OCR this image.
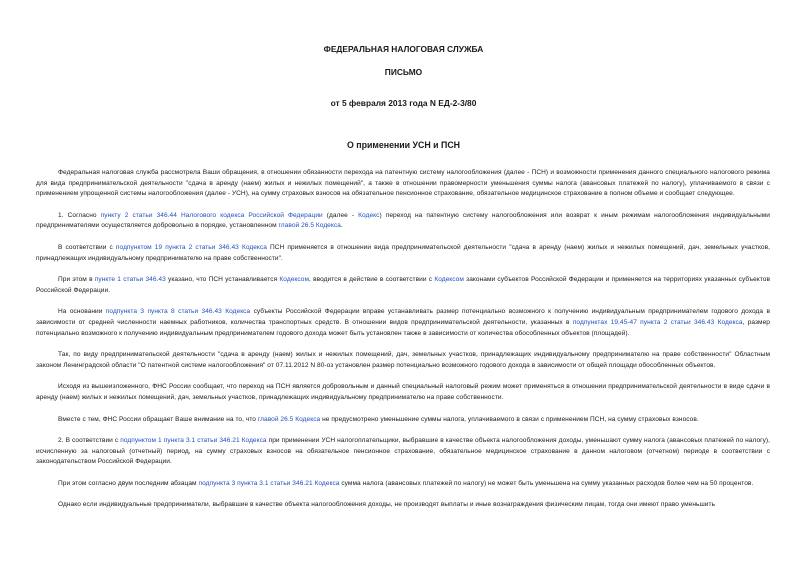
ФЕДЕРАЛЬНАЯ НАЛОГОВАЯ СЛУЖБА
ПИСЬМО
от 5 февраля 2013 года N ЕД-2-3/80
О применении УСН и ПСН

Федеральная налоговая служба рассмотрела Ваши обращения, в отношении обязанности перехода на патентную систему налогообложения (далее - ПСН) и возможности применения данного специального налогового режима для вида предпринимательской деятельности "сдача в аренду (наем) жилых и нежилых помещений", а также в отношении правомерности уменьшения суммы налога (авансовых платежей по налогу), уплачиваемого в связи с применением упрощенной системы налогообложения (далее - УСН), на сумму страховых взносов на обязательное пенсионное страхование, обязательное медицинское страхование в полном объеме и сообщает следующее.

1. Согласно пункту 2 статьи 346.44 Налогового кодекса Российской Федерации (далее - Кодекс) переход на патентную систему налогообложения или возврат к иным режимам налогообложения индивидуальными предпринимателями осуществляется добровольно в порядке, установленном главой 26.5 Кодекса.

В соответствии с подпунктом 19 пункта 2 статьи 346.43 Кодекса ПСН применяется в отношении вида предпринимательской деятельности "сдача в аренду (наем) жилых и нежилых помещений, дач, земельных участков, принадлежащих индивидуальному предпринимателю на праве собственности".

При этом в пункте 1 статьи 346.43 указано, что ПСН устанавливается Кодексом, вводится в действие в соответствии с Кодексом законами субъектов Российской Федерации и применяется на территориях указанных субъектов Российской Федерации.

На основании подпункта 3 пункта 8 статьи 346.43 Кодекса субъекты Российской Федерации вправе устанавливать размер потенциально возможного к получению индивидуальным предпринимателем годового дохода в зависимости от средней численности наемных работников, количества транспортных средств. В отношении видов предпринимательской деятельности, указанных в подпунктах 19,45-47 пункта 2 статьи 346.43 Кодекса, размер потенциально возможного к получению индивидуальным предпринимателем годового дохода может быть установлен также в зависимости от количества обособленных объектов (площадей).

Так, по виду предпринимательской деятельности "сдача в аренду (наем) жилых и нежилых помещений, дач, земельных участков, принадлежащих индивидуальному предпринимателю на праве собственности" Областным законом Ленинградской области "О патентной системе налогообложения" от 07.11.2012 N 80-оз установлен размер потенциально возможного годового дохода в зависимости от общей площади обособленных объектов.

Исходя из вышеизложенного, ФНС России сообщает, что переход на ПСН является добровольным и данный специальный налоговый режим может применяться в отношении предпринимательской деятельности в виде сдачи в аренду (наем) жилых и нежилых помещений, дач, земельных участков, принадлежащих индивидуальному предпринимателю на праве собственности.

Вместе с тем, ФНС России обращает Ваше внимание на то, что главой 26.5 Кодекса не предусмотрено уменьшение суммы налога, уплачиваемого в связи с применением ПСН, на сумму страховых взносов.

2. В соответствии с подпунктом 1 пункта 3.1 статьи 346.21 Кодекса при применении УСН налогоплательщики, выбравшие в качестве объекта налогообложения доходы, уменьшают сумму налога (авансовых платежей по налогу), исчисленную за налоговый (отчетный) период, на сумму страховых взносов на обязательное пенсионное страхование, обязательное медицинское страхование в данном налоговом (отчетном) периоде в соответствии с законодательством Российской Федерации.

При этом согласно двум последним абзацам подпункта 3 пункта 3.1 статьи 346.21 Кодекса сумма налога (авансовых платежей по налогу) не может быть уменьшена на сумму указанных расходов более чем на 50 процентов.

Однако если индивидуальные предприниматели, выбравшие в качестве объекта налогообложения доходы, не производят выплаты и иные вознаграждения физическим лицам, тогда они имеют право уменьшить
